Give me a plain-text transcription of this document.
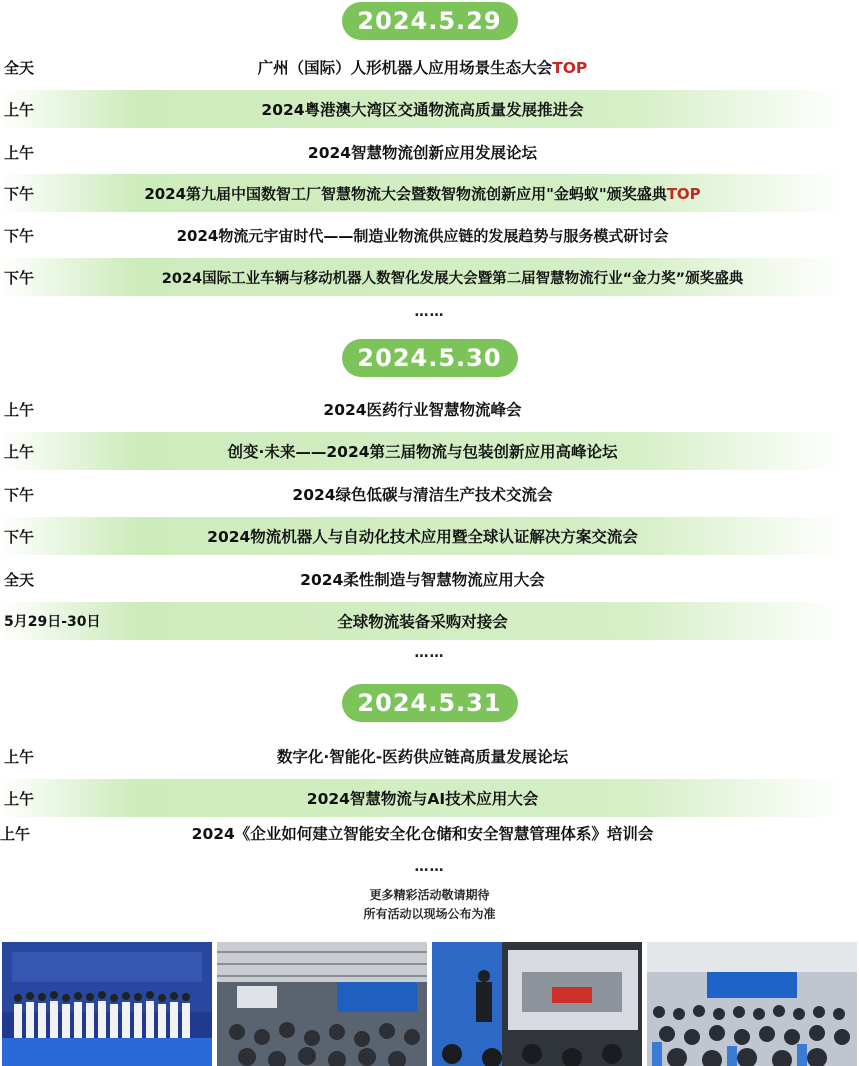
2024.5.29
全天	广州（国际）人形机器人应用场景生态大会TOP
上午	2024粤港澳大湾区交通物流高质量发展推进会
上午	2024智慧物流创新应用发展论坛
下午	2024第九届中国数智工厂智慧物流大会暨数智物流创新应用"金蚂蚁"颁奖盛典TOP
下午	2024物流元宇宙时代——制造业物流供应链的发展趋势与服务模式研讨会
下午	2024国际工业车辆与移动机器人数智化发展大会暨第二届智慧物流行业“金力奖”颁奖盛典
……
2024.5.30
上午	2024医药行业智慧物流峰会
上午	创变·未来——2024第三届物流与包装创新应用高峰论坛
下午	2024绿色低碳与清洁生产技术交流会
下午	2024物流机器人与自动化技术应用暨全球认证解决方案交流会
全天	2024柔性制造与智慧物流应用大会
5月29日-30日	全球物流装备采购对接会
……
2024.5.31
上午	数字化·智能化-医药供应链高质量发展论坛
上午	2024智慧物流与AI技术应用大会
上午	2024《企业如何建立智能安全化仓储和安全智慧管理体系》培训会
……
更多精彩活动敬请期待
所有活动以现场公布为准
